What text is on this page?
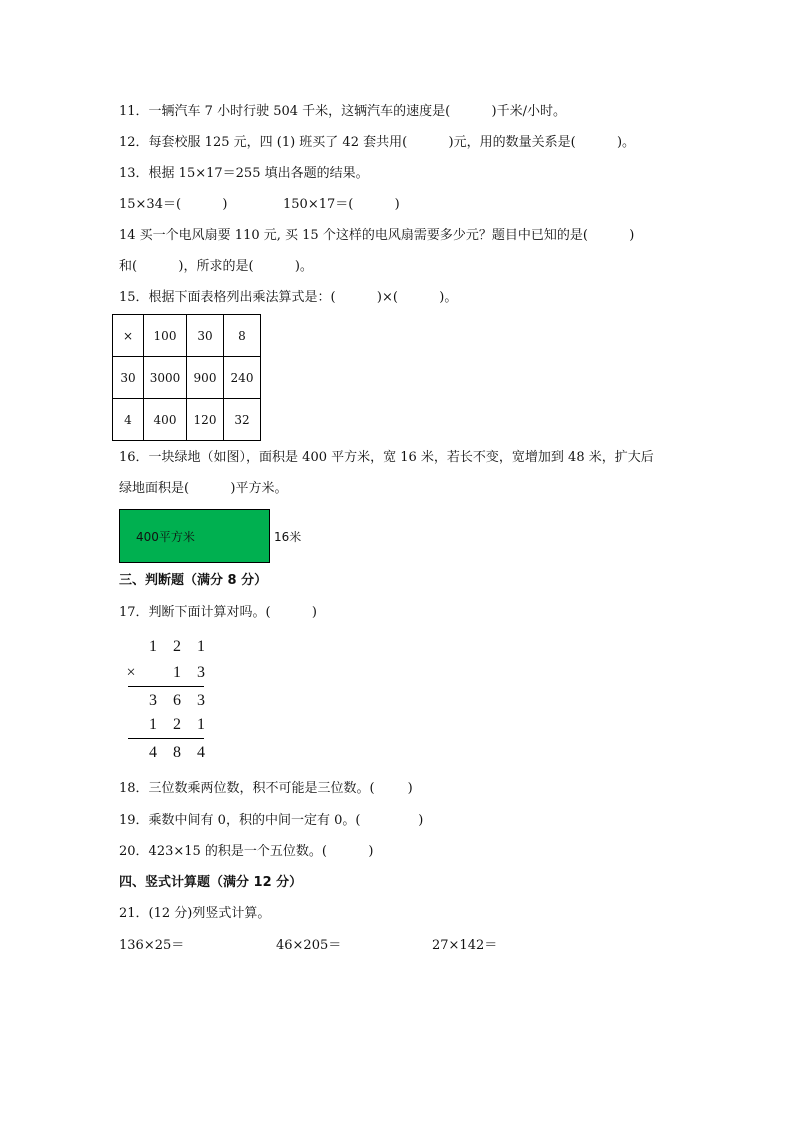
11．一辆汽车 7 小时行驶 504 千米，这辆汽车的速度是(          )千米/小时。
12．每套校服 125 元，四 (1) 班买了 42 套共用(          )元，用的数量关系是(          )。
13．根据 15×17＝255 填出各题的结果。
15×34＝(          )	150×17＝(          )
14 买一个电风扇要 110 元, 买 15 个这样的电风扇需要多少元？题目中已知的是(          )
和(          )，所求的是(          )。
15．根据下面表格列出乘法算式是：(          )×(          )。
×	100	30	8
30	3000	900	240
4	400	120	32
16．一块绿地（如图），面积是 400 平方米，宽 16 米，若长不变，宽增加到 48 米，扩大后
绿地面积是(          )平方米。
400平方米	16米
三、判断题（满分 8 分）
17．判断下面计算对吗。(          )
1 2 1
× 1 3
3 6 3
1 2 1
4 8 4
18．三位数乘两位数，积不可能是三位数。(        )
19．乘数中间有 0，积的中间一定有 0。(              )
20．423×15 的积是一个五位数。(          )
四、竖式计算题（满分 12 分）
21．(12 分)列竖式计算。
136×25＝	46×205＝	27×142＝
